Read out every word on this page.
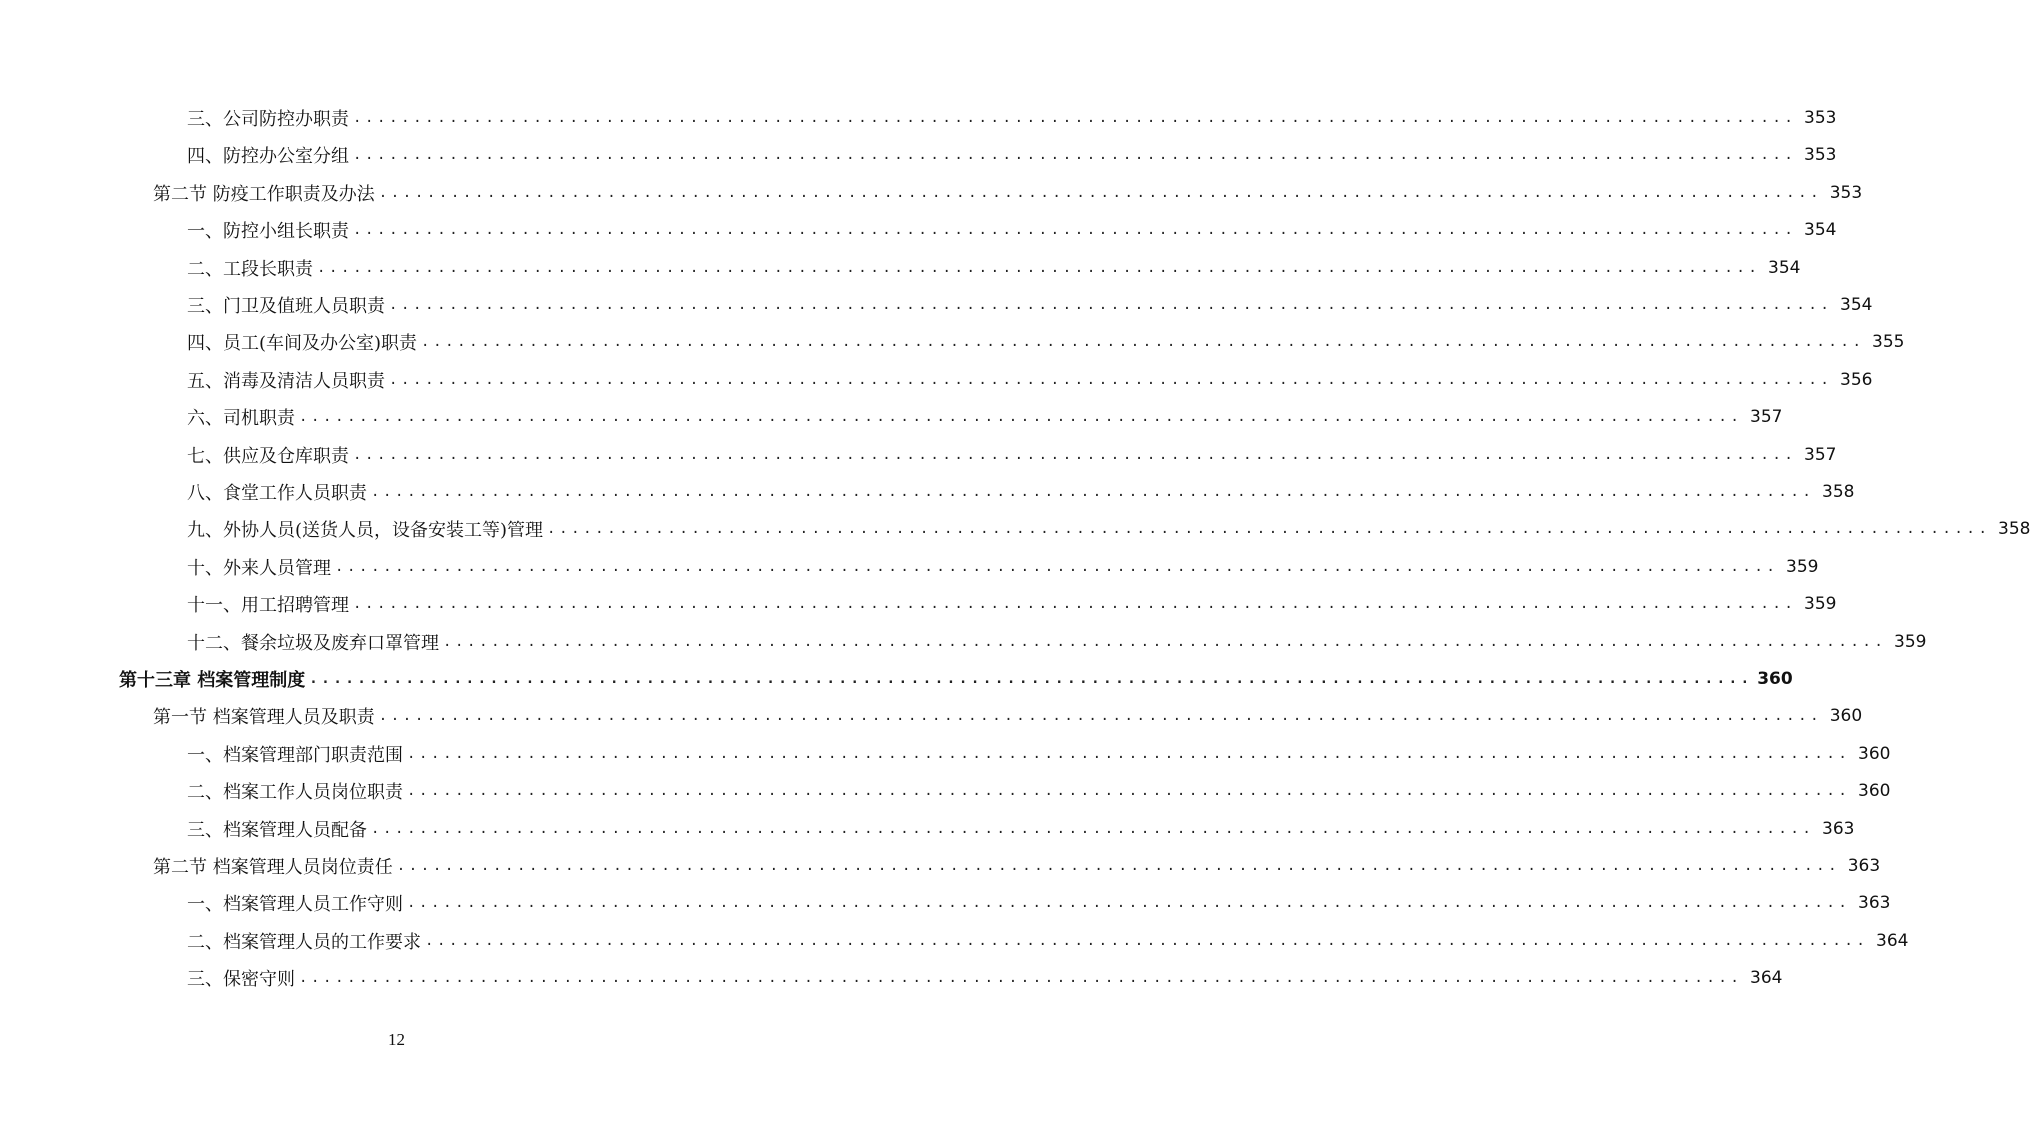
三、公司防控办职责 ........................................................................................................................ 353
四、防控办公室分组 ........................................................................................................................ 353
第二节 防疫工作职责及办法 ........................................................................................................................ 353
一、防控小组长职责 ........................................................................................................................ 354
二、工段长职责 ........................................................................................................................ 354
三、门卫及值班人员职责 ........................................................................................................................ 354
四、员工(车间及办公室)职责 ........................................................................................................................ 355
五、消毒及清洁人员职责 ........................................................................................................................ 356
六、司机职责 ........................................................................................................................ 357
七、供应及仓库职责 ........................................................................................................................ 357
八、食堂工作人员职责 ........................................................................................................................ 358
九、外协人员(送货人员，设备安装工等)管理 ........................................................................................................................ 358
十、外来人员管理 ........................................................................................................................ 359
十一、用工招聘管理 ........................................................................................................................ 359
十二、餐余垃圾及废弃口罩管理 ........................................................................................................................ 359
第十三章 档案管理制度 ........................................................................................................................ 360
第一节 档案管理人员及职责 ........................................................................................................................ 360
一、档案管理部门职责范围 ........................................................................................................................ 360
二、档案工作人员岗位职责 ........................................................................................................................ 360
三、档案管理人员配备 ........................................................................................................................ 363
第二节 档案管理人员岗位责任 ........................................................................................................................ 363
一、档案管理人员工作守则 ........................................................................................................................ 363
二、档案管理人员的工作要求 ........................................................................................................................ 364
三、保密守则 ........................................................................................................................ 364
12
